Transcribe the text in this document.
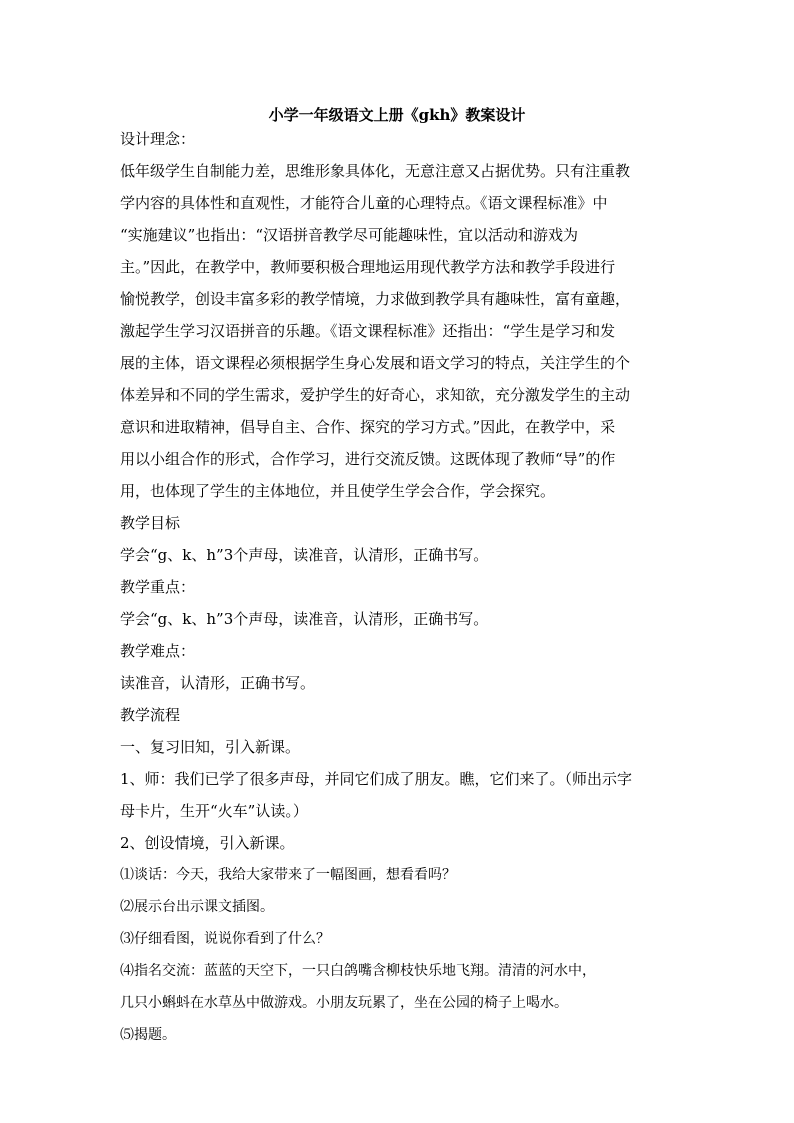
小学一年级语文上册《gkh》教案设计
设计理念：
低年级学生自制能力差，思维形象具体化，无意注意又占据优势。只有注重教
学内容的具体性和直观性，才能符合儿童的心理特点。《语文课程标准》中
“实施建议”也指出：“汉语拼音教学尽可能趣味性，宜以活动和游戏为
主。”因此，在教学中，教师要积极合理地运用现代教学方法和教学手段进行
愉悦教学，创设丰富多彩的教学情境，力求做到教学具有趣味性，富有童趣，
激起学生学习汉语拼音的乐趣。《语文课程标准》还指出：“学生是学习和发
展的主体，语文课程必须根据学生身心发展和语文学习的特点，关注学生的个
体差异和不同的学生需求，爱护学生的好奇心，求知欲，充分激发学生的主动
意识和进取精神，倡导自主、合作、探究的学习方式。”因此，在教学中，采
用以小组合作的形式，合作学习，进行交流反馈。这既体现了教师“导”的作
用，也体现了学生的主体地位，并且使学生学会合作，学会探究。
教学目标
学会“g、k、h”3个声母，读准音，认清形，正确书写。
教学重点：
学会“g、k、h”3个声母，读准音，认清形，正确书写。
教学难点：
读准音，认清形，正确书写。
教学流程
一、复习旧知，引入新课。
1、师：我们已学了很多声母，并同它们成了朋友。瞧，它们来了。（师出示字
母卡片，生开“火车”认读。）
2、创设情境，引入新课。
⑴谈话：今天，我给大家带来了一幅图画，想看看吗？
⑵展示台出示课文插图。
⑶仔细看图，说说你看到了什么？
⑷指名交流：蓝蓝的天空下，一只白鸽嘴含柳枝快乐地飞翔。清清的河水中，
几只小蝌蚪在水草丛中做游戏。小朋友玩累了，坐在公园的椅子上喝水。
⑸揭题。
